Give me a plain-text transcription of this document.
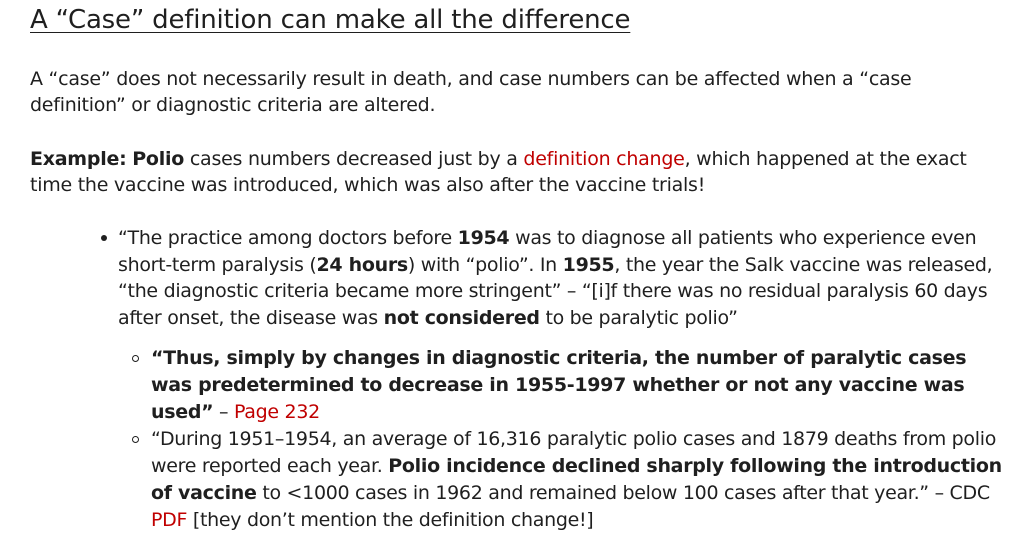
A “Case” definition can make all the difference

A “case” does not necessarily result in death, and case numbers can be affected when a “case definition” or diagnostic criteria are altered.

Example: Polio cases numbers decreased just by a definition change, which happened at the exact time the vaccine was introduced, which was also after the vaccine trials!

“The practice among doctors before 1954 was to diagnose all patients who experience even short-term paralysis (24 hours) with “polio”. In 1955, the year the Salk vaccine was released, “the diagnostic criteria became more stringent” – “[i]f there was no residual paralysis 60 days after onset, the disease was not considered to be paralytic polio”
“Thus, simply by changes in diagnostic criteria, the number of paralytic cases was predetermined to decrease in 1955-1997 whether or not any vaccine was used” – Page 232
“During 1951–1954, an average of 16,316 paralytic polio cases and 1879 deaths from polio were reported each year. Polio incidence declined sharply following the introduction of vaccine to <1000 cases in 1962 and remained below 100 cases after that year.” – CDC PDF [they don’t mention the definition change!]
